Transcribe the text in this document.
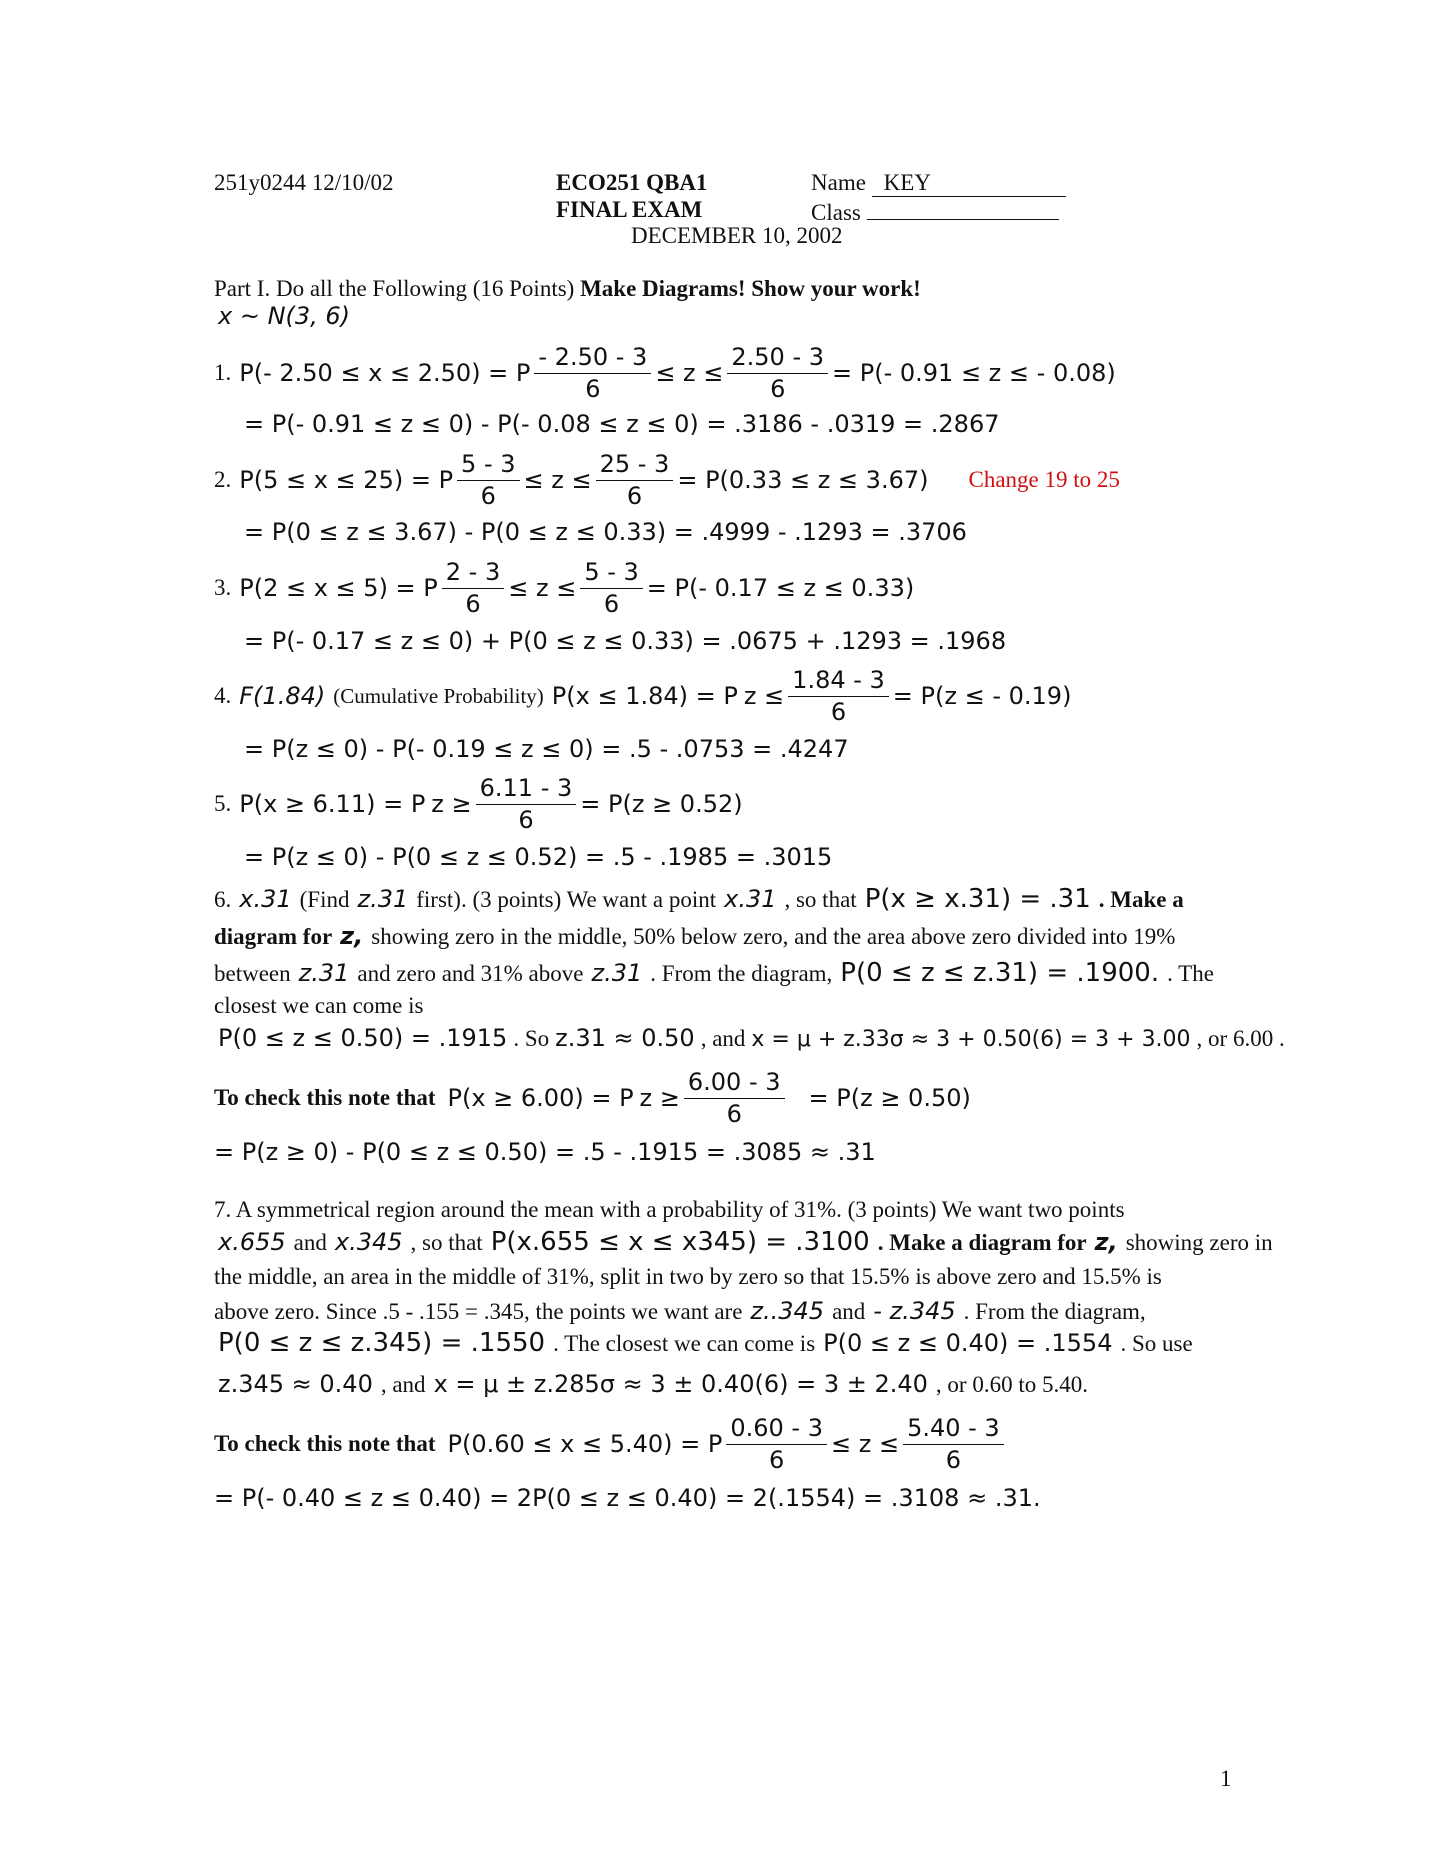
251y0244 12/10/02	ECO251 QBA1
FINAL EXAM
DECEMBER 10, 2002
Name KEY
Class
Part I. Do all the Following (16 Points) Make Diagrams! Show your work!
x ~ N(3, 6)
1. P(- 2.50 ≤ x ≤ 2.50) = P $\frac{- 2.50 - 3}{6} \le z \le \frac{2.50 - 3}{6} = P(-$ 0.91 ≤ z ≤ - 0.08)
= P(- 0.91 ≤ z ≤ 0) - P(- 0.08 ≤ z ≤ 0) = .3186 - .0319 = .2867
2. P(5 ≤ x ≤ 25) = P $\frac{5 - 3}{6} \le z \le \frac{25 - 3}{6} = P(0.33 \le z \le 3.67)$ Change 19 to 25
= P(0 ≤ z ≤ 3.67) - P(0 ≤ z ≤ 0.33) = .4999 - .1293 = .3706
3. P(2 ≤ x ≤ 5) = P $\frac{2 - 3}{6} \le z \le \frac{5 - 3}{6} = P(-$ 0.17 ≤ z ≤ 0.33)
= P(- 0.17 ≤ z ≤ 0) + P(0 ≤ z ≤ 0.33) = .0675 + .1293 = .1968
4. F(1.84) (Cumulative Probability) P(x ≤ 1.84) = P $z \le \frac{1.84 - 3}{6} = P(z$ ≤ - 0.19)
= P(z ≤ 0) - P(- 0.19 ≤ z ≤ 0) = .5 - .0753 = .4247
5. P(x ≥ 6.11) = P $z \ge \frac{6.11 - 3}{6} = P(z \ge 0.52)$
= P(z ≤ 0) - P(0 ≤ z ≤ 0.52) = .5 - .1985 = .3015
6. x.31 (Find z.31 first). (3 points) We want a point x.31 , so that P(x ≥ x.31) = .31 . Make a
diagram for z, showing zero in the middle, 50% below zero, and the area above zero divided into 19%
between z.31 and zero and 31% above z.31 . From the diagram, P(0 ≤ z ≤ z.31) = .1900. . The
closest we can come is
P(0 ≤ z ≤ 0.50) = .1915 . So z.31 ≈ 0.50 , and x = μ + z.33σ ≈ 3 + 0.50(6) = 3 + 3.00 , or 6.00 .
To check this note that P(x ≥ 6.00) = P $z \ge \frac{6.00 - 3}{6} = P(z \ge 0.50)$
= P(z ≥ 0) - P(0 ≤ z ≤ 0.50) = .5 - .1915 = .3085 ≈ .31
7. A symmetrical region around the mean with a probability of 31%. (3 points) We want two points
x.655 and x.345 , so that P(x.655 ≤ x ≤ x345) = .3100 . Make a diagram for z, showing zero in
the middle, an area in the middle of 31%, split in two by zero so that 15.5% is above zero and 15.5% is
above zero. Since .5 - .155 = .345, the points we want are z..345 and - z.345 . From the diagram,
P(0 ≤ z ≤ z.345) = .1550 . The closest we can come is P(0 ≤ z ≤ 0.40) = .1554 . So use
z.345 ≈ 0.40 , and x = μ ± z.285σ ≈ 3 ± 0.40(6) = 3 ± 2.40 , or 0.60 to 5.40.
To check this note that P(0.60 ≤ x ≤ 5.40) = P $\frac{0.60 - 3}{6} \le z \le \frac{5.40 - 3}{6}$
= P(- 0.40 ≤ z ≤ 0.40) = 2P(0 ≤ z ≤ 0.40) = 2(.1554) = .3108 ≈ .31.
1
